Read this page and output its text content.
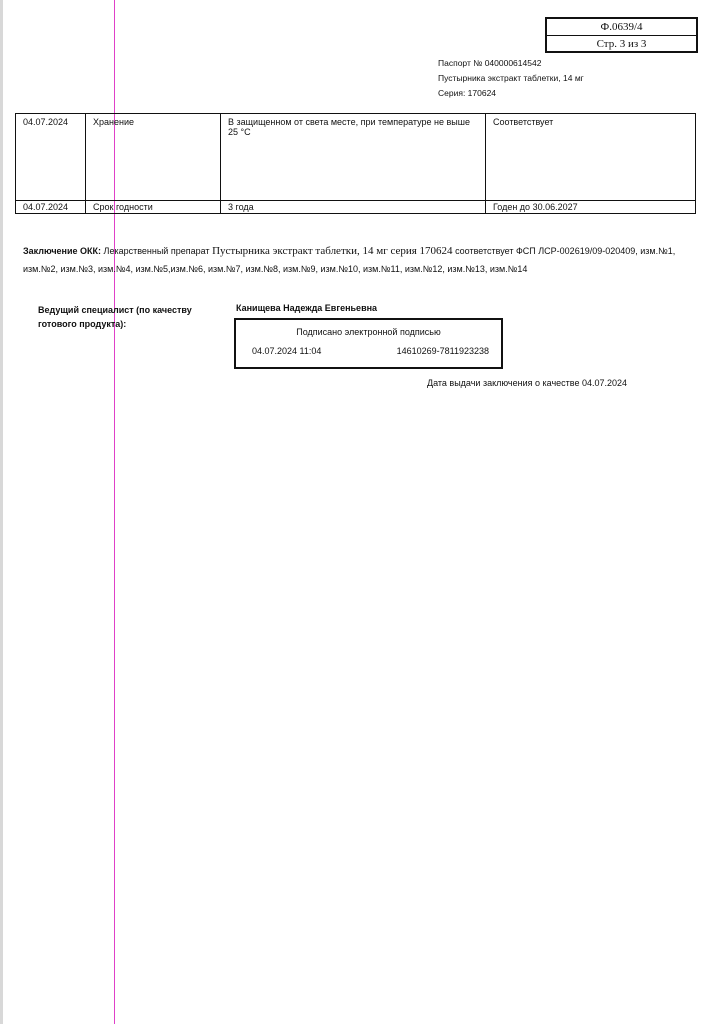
Ф.0639/4
Стр. 3 из 3
Паспорт № 040000614542
Пустырника экстракт таблетки, 14 мг
Серия: 170624
04.07.2024	Хранение	В защищенном от света месте, при температуре не выше 25 °С	Соответствует
04.07.2024	Срок годности	3 года	Годен до 30.06.2027
Заключение ОКК: Лекарственный препарат Пустырника экстракт таблетки, 14 мг серия 170624 соответствует ФСП ЛСР-002619/09-020409, изм.№1, изм.№2, изм.№3, изм.№4, изм.№5,изм.№6, изм.№7, изм.№8, изм.№9, изм.№10, изм.№11, изм.№12, изм.№13, изм.№14
Ведущий специалист (по качеству
готового продукта):
Канищева Надежда Евгеньевна
Подписано электронной подписью
04.07.2024 11:04	14610269-7811923238
Дата выдачи заключения о качестве 04.07.2024
